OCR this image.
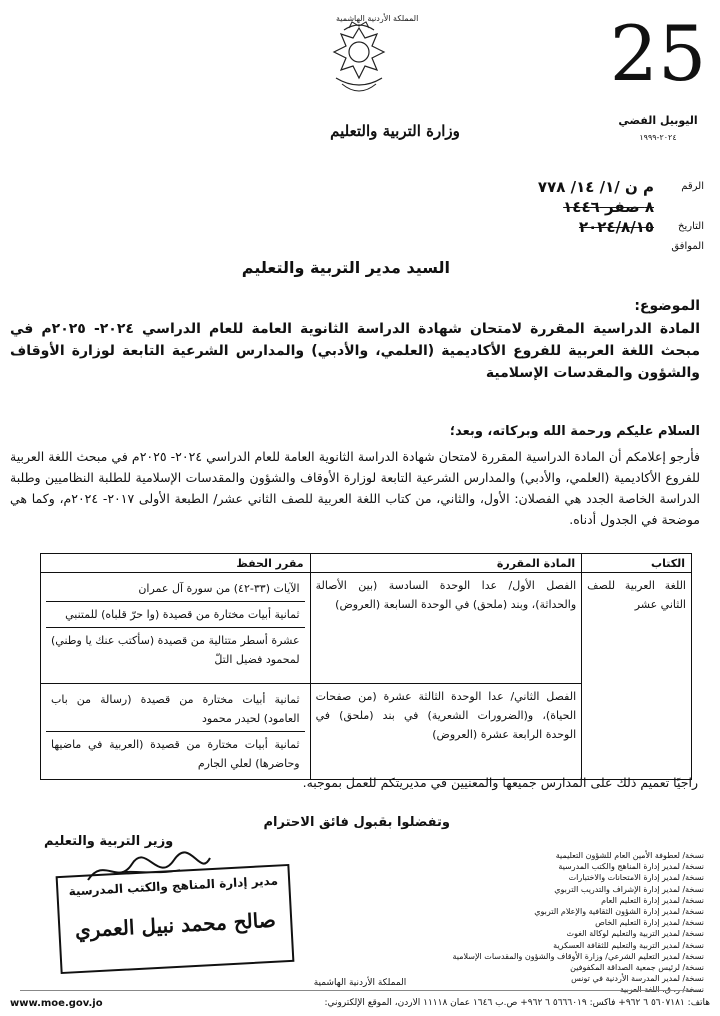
المملكة الأردنية الهاشمية
وزارة التربية والتعليم
25
اليوبيل الفضي
٢٠٢٤-١٩٩٩
الرقم
م ن /١/ ١٤/ ٧٧٨
٨ صفر ١٤٤٦
التاريخ
٢٠٢٤/٨/١٥
الموافق
السيد مدير التربية والتعليم
الموضوع:
المادة الدراسية المقررة لامتحان شهادة الدراسة الثانوية العامة للعام الدراسي ٢٠٢٤- ٢٠٢٥م في مبحث اللغة العربية للفروع الأكاديمية (العلمي، والأدبي) والمدارس الشرعية التابعة لوزارة الأوقاف والشؤون والمقدسات الإسلامية
السلام عليكم ورحمة الله وبركاته، وبعد؛
فأرجو إعلامكم أن المادة الدراسية المقررة لامتحان شهادة الدراسة الثانوية العامة للعام الدراسي ٢٠٢٤- ٢٠٢٥م في مبحث اللغة العربية للفروع الأكاديمية (العلمي، والأدبي) والمدارس الشرعية التابعة لوزارة الأوقاف والشؤون والمقدسات الإسلامية للطلبة النظاميين وطلبة الدراسة الخاصة الجدد هي الفصلان: الأول، والثاني، من كتاب اللغة العربية للصف الثاني عشر/ الطبعة الأولى ٢٠١٧- ٢٠٢٤م، وكما هي موضحة في الجدول أدناه.
الكتاب	المادة المقررة	مقرر الحفظ
اللغة العربية للصف الثاني عشر	الفصل الأول/ عدا الوحدة السادسة (بين الأصالة والحداثة)، وبند (ملحق) في الوحدة السابعة (العروض)	الآيات (٣٣-٤٢) من سورة آل عمران
ثمانية أبيات مختارة من قصيدة (وا حرّ قلباه) للمتنبي
عشرة أسطر متتالية من قصيدة (سأكتب عنك يا وطني) لمحمود فضيل التلّ

	الفصل الثاني/ عدا الوحدة الثالثة عشرة (من صفحات الحياة)، و(الضرورات الشعرية) في بند (ملحق) في الوحدة الرابعة عشرة (العروض)	ثمانية أبيات مختارة من قصيدة (رسالة من باب العامود) لحيدر محمود
ثمانية أبيات مختارة من قصيدة (العربية في ماضيها وحاضرها) لعلي الجارم
راجيًا تعميم ذلك على المدارس جميعها والمعنيين في مديريتكم للعمل بموجبه.
وتفضلوا بقبول فائق الاحترام
وزير التربية والتعليم
مدير إدارة المناهج والكتب المدرسية
صالح محمد نبيل العمري
نسخة/ لعطوفة الأمين العام للشؤون التعليمية
نسخة/ لمدير إدارة المناهج والكتب المدرسية
نسخة/ لمدير إدارة الامتحانات والاختبارات
نسخة/ لمدير إدارة الإشراف والتدريب التربوي
نسخة/ لمدير إدارة التعليم العام
نسخة/ لمدير إدارة الشؤون الثقافية والإعلام التربوي
نسخة/ لمدير إدارة التعليم الخاص
نسخة/ لمدير التربية والتعليم لوكالة الغوث
نسخة/ لمدير التربية والتعليم للثقافة العسكرية
نسخة/ لمدير التعليم الشرعي/ وزارة الأوقاف والشؤون والمقدسات الإسلامية
نسخة/ لرئيس جمعية الصداقة المكفوفين
نسخة/ لمدير المدرسة الأردنية في تونس
نسخة/ ر. ق. اللغة العربية
المملكة الأردنية الهاشمية
هاتف: ٥٦٠٧١٨١ ٦ ٩٦٢+ فاكس: ٥٦٦٦٠١٩ ٦ ٩٦٢+ ص.ب ١٦٤٦ عمان ١١١١٨ الأردن، الموقع الإلكتروني:
www.moe.gov.jo
